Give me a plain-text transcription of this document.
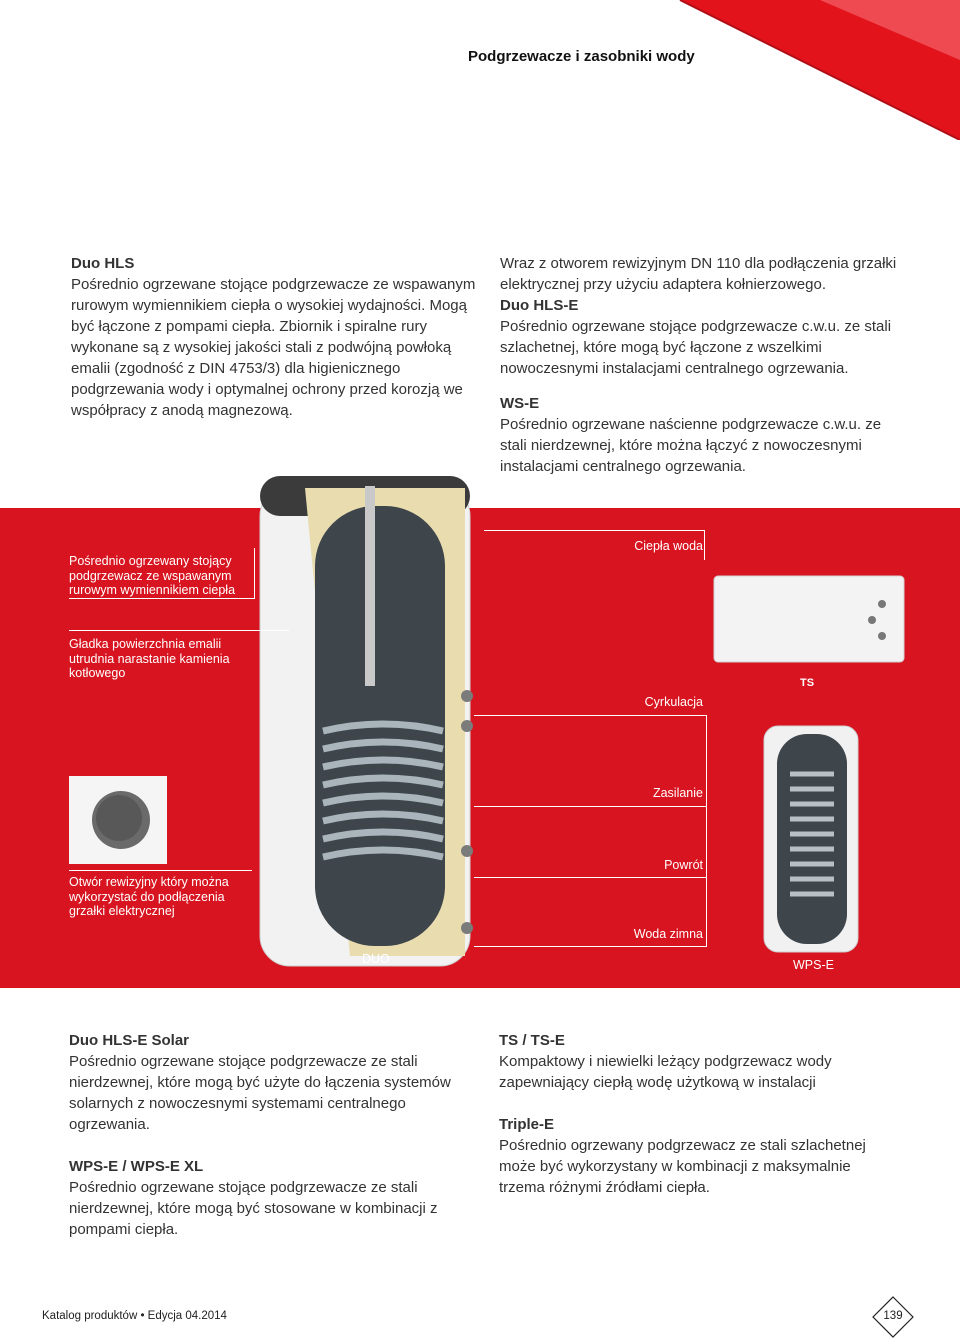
Podgrzewacze i zasobniki wody
6
Duo HLS
Pośrednio ogrzewane stojące podgrzewacze ze wspawanym rurowym wymiennikiem ciepła o wysokiej wydajności. Mogą być łączone z pompami ciepła. Zbiornik i spiralne rury wykonane są z wysokiej jakości stali z podwójną powłoką emalii (zgodność z DIN 4753/3) dla higienicznego podgrzewania wody i optymalnej ochrony przed korozją we współpracy z anodą magnezową.
Wraz z otworem rewizyjnym DN 110 dla podłączenia grzałki elektrycznej przy użyciu adaptera kołnierzowego.
Duo HLS-E
Pośrednio ogrzewane stojące podgrzewacze c.w.u. ze stali szlachetnej, które mogą być łączone z wszelkimi nowoczesnymi instalacjami centralnego ogrzewania.
WS-E
Pośrednio ogrzewane naścienne podgrzewacze c.w.u. ze stali nierdzewnej, które można łączyć z nowoczesnymi instalacjami centralnego ogrzewania.
Pośrednio ogrzewany stojący podgrzewacz ze wspawanym rurowym wymiennikiem ciepła
Gładka powierzchnia emalii utrudnia narastanie kamienia kotłowego
Otwór rewizyjny który można wykorzystać do podłączenia grzałki elektrycznej
Ciepła woda
Cyrkulacja
Zasilanie
Powrót
Woda zimna
DUO
TS
WPS-E
Duo HLS-E Solar
Pośrednio ogrzewane stojące podgrzewacze ze stali nierdzewnej, które mogą być użyte do łączenia systemów solarnych z nowoczesnymi systemami centralnego ogrzewania.
WPS-E / WPS-E XL
Pośrednio ogrzewane stojące podgrzewacze ze stali nierdzewnej, które mogą być stosowane w kombinacji z pompami ciepła.
TS / TS-E
Kompaktowy i niewielki leżący podgrzewacz wody zapewniający ciepłą wodę użytkową w instalacji
Triple-E
Pośrednio ogrzewany podgrzewacz ze stali szlachetnej może być wykorzystany w kombinacji z maksymalnie trzema różnymi źródłami ciepła.
Katalog produktów • Edycja 04.2014	139
